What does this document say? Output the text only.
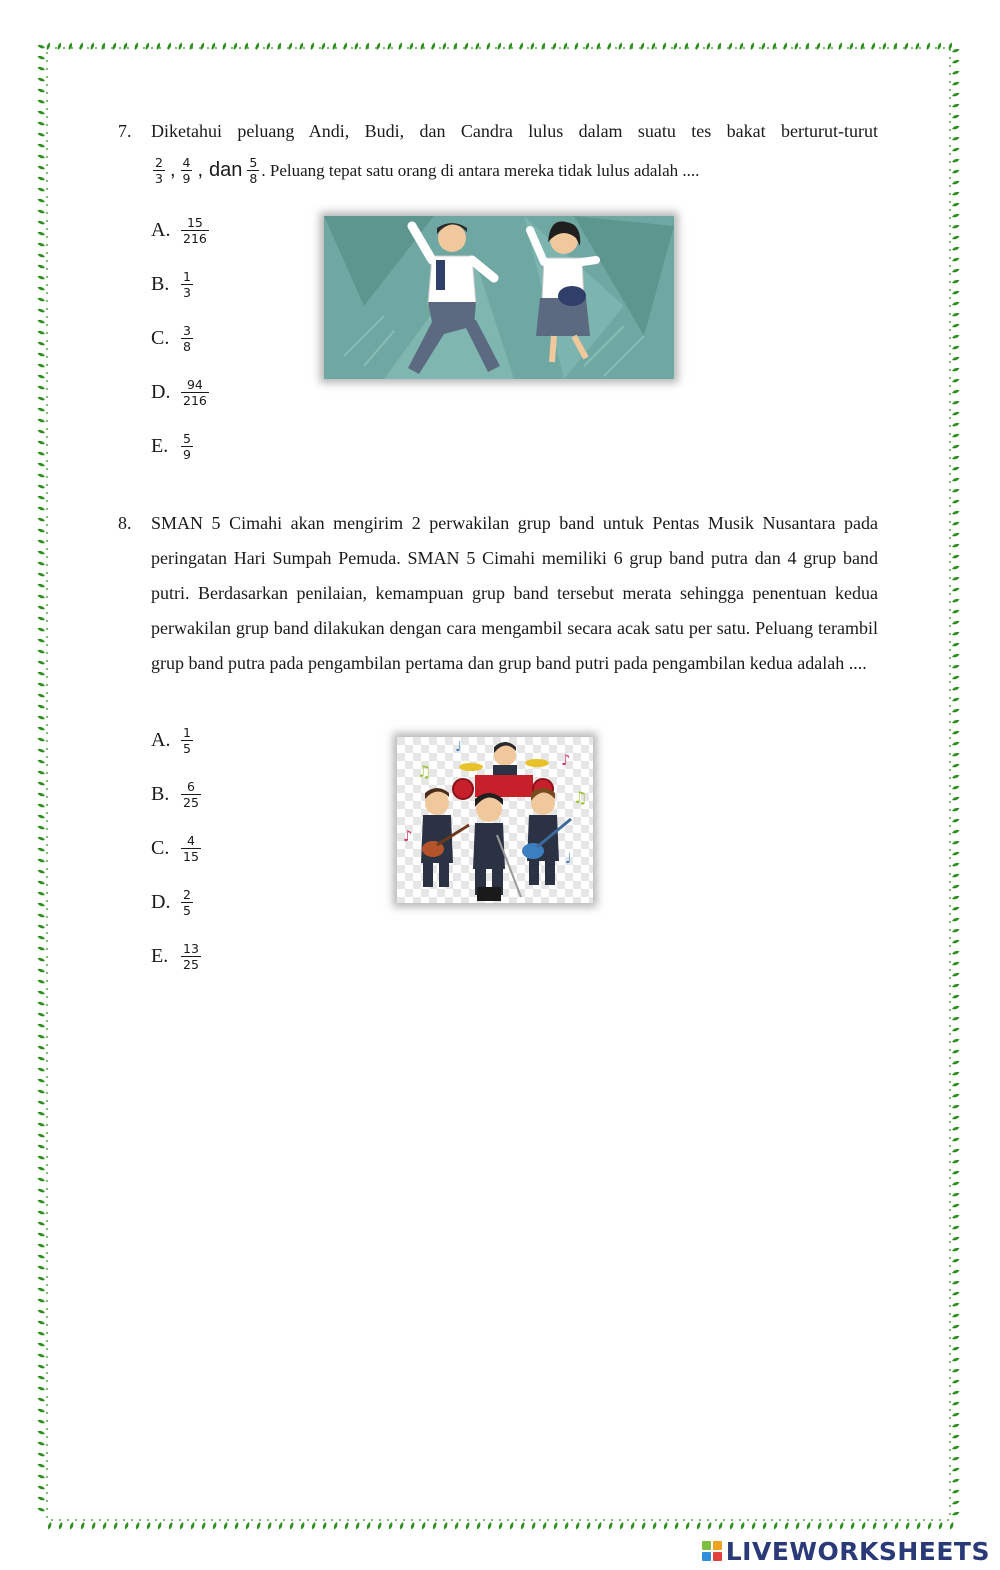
7. Diketahui peluang Andi, Budi, dan Candra lulus dalam suatu tes bakat berturut-turut
$\frac{2}{3}$ , $\frac{4}{9}$ , dan $\frac{5}{8}$ . Peluang tepat satu orang di antara mereka tidak lulus adalah ....
A. $\frac{15}{216}$
B. $\frac{1}{3}$
C. $\frac{3}{8}$
D. $\frac{94}{216}$
E.	$\frac{5}{9}$
8. SMAN 5 Cimahi akan mengirim 2 perwakilan grup band untuk Pentas Musik Nusantara pada peringatan Hari Sumpah Pemuda. SMAN 5 Cimahi memiliki 6 grup band putra dan 4 grup band putri. Berdasarkan penilaian, kemampuan grup band tersebut merata sehingga penentuan kedua perwakilan grup band dilakukan dengan cara mengambil secara acak satu per satu. Peluang terambil grup band putra pada pengambilan pertama dan grup band putri pada pengambilan kedua adalah ....
A. $\frac{1}{5}$
B. $\frac{6}{25}$
C. $\frac{4}{15}$
D. $\frac{2}{5}$
E.	$\frac{13}{25}$
♫
♩
♪
♫
♪
♩
LIVEWORKSHEETS
